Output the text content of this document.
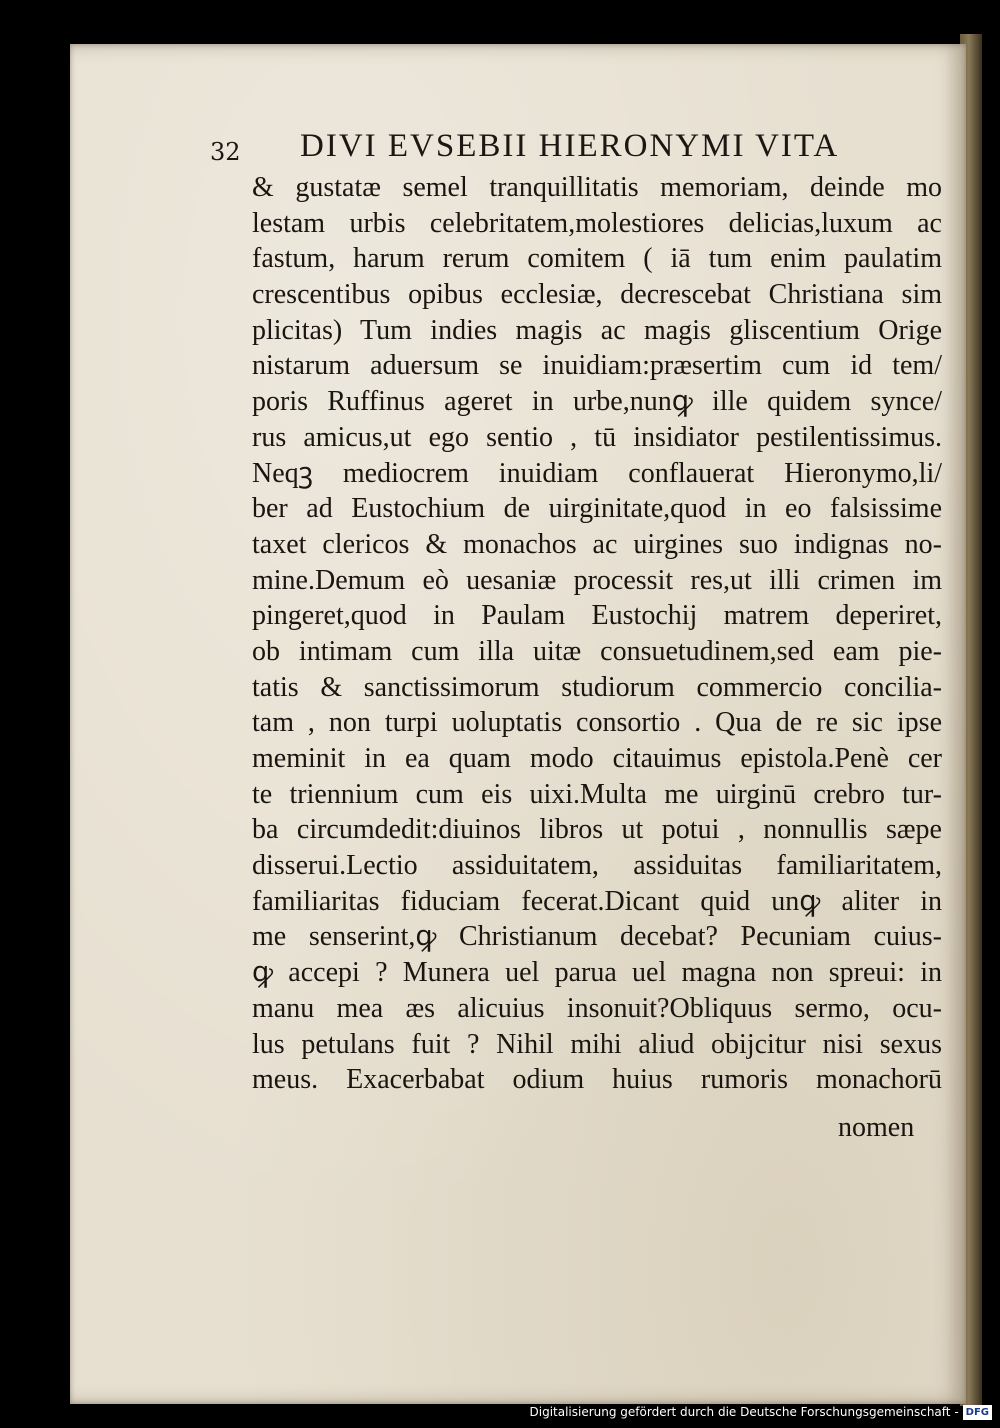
32 DIVI EVSEBII HIERONYMI VITA
& gustatæ semel tranquillitatis memoriam, deinde mo
lestam urbis celebritatem,molestiores delicias,luxum ac
fastum, harum rerum comitem ( iā tum enim paulatim
crescentibus opibus ecclesiæ, decrescebat Christiana sim
plicitas) Tum indies magis ac magis gliscentium Orige
nistarum aduersum se inuidiam:præsertim cum id tem/
poris Ruffinus ageret in urbe,nunꝙ ille quidem synce/
rus amicus,ut ego sentio , tū insidiator pestilentissimus.
Neqꝫ mediocrem inuidiam conflauerat Hieronymo,li/
ber ad Eustochium de uirginitate,quod in eo falsissime
taxet clericos & monachos ac uirgines suo indignas no-
mine.Demum eò uesaniæ processit res,ut illi crimen im
pingeret,quod in Paulam Eustochij matrem deperiret,
ob intimam cum illa uitæ consuetudinem,sed eam pie-
tatis & sanctissimorum studiorum commercio concilia-
tam , non turpi uoluptatis consortio . Qua de re sic ipse
meminit in ea quam modo citauimus epistola.Penè cer
te triennium cum eis uixi.Multa me uirginū crebro tur-
ba circumdedit:diuinos libros ut potui , nonnullis sæpe
disserui.Lectio assiduitatem, assiduitas familiaritatem,
familiaritas fiduciam fecerat.Dicant quid unꝙ aliter in
me senserint,ꝙ Christianum decebat? Pecuniam cuius-
ꝙ accepi ? Munera uel parua uel magna non spreui: in
manu mea æs alicuius insonuit?Obliquus sermo, ocu-
lus petulans fuit ? Nihil mihi aliud obijcitur nisi sexus
meus. Exacerbabat odium huius rumoris monachorū
nomen
Digitalisierung gefördert durch die Deutsche Forschungsgemeinschaft - DFG
